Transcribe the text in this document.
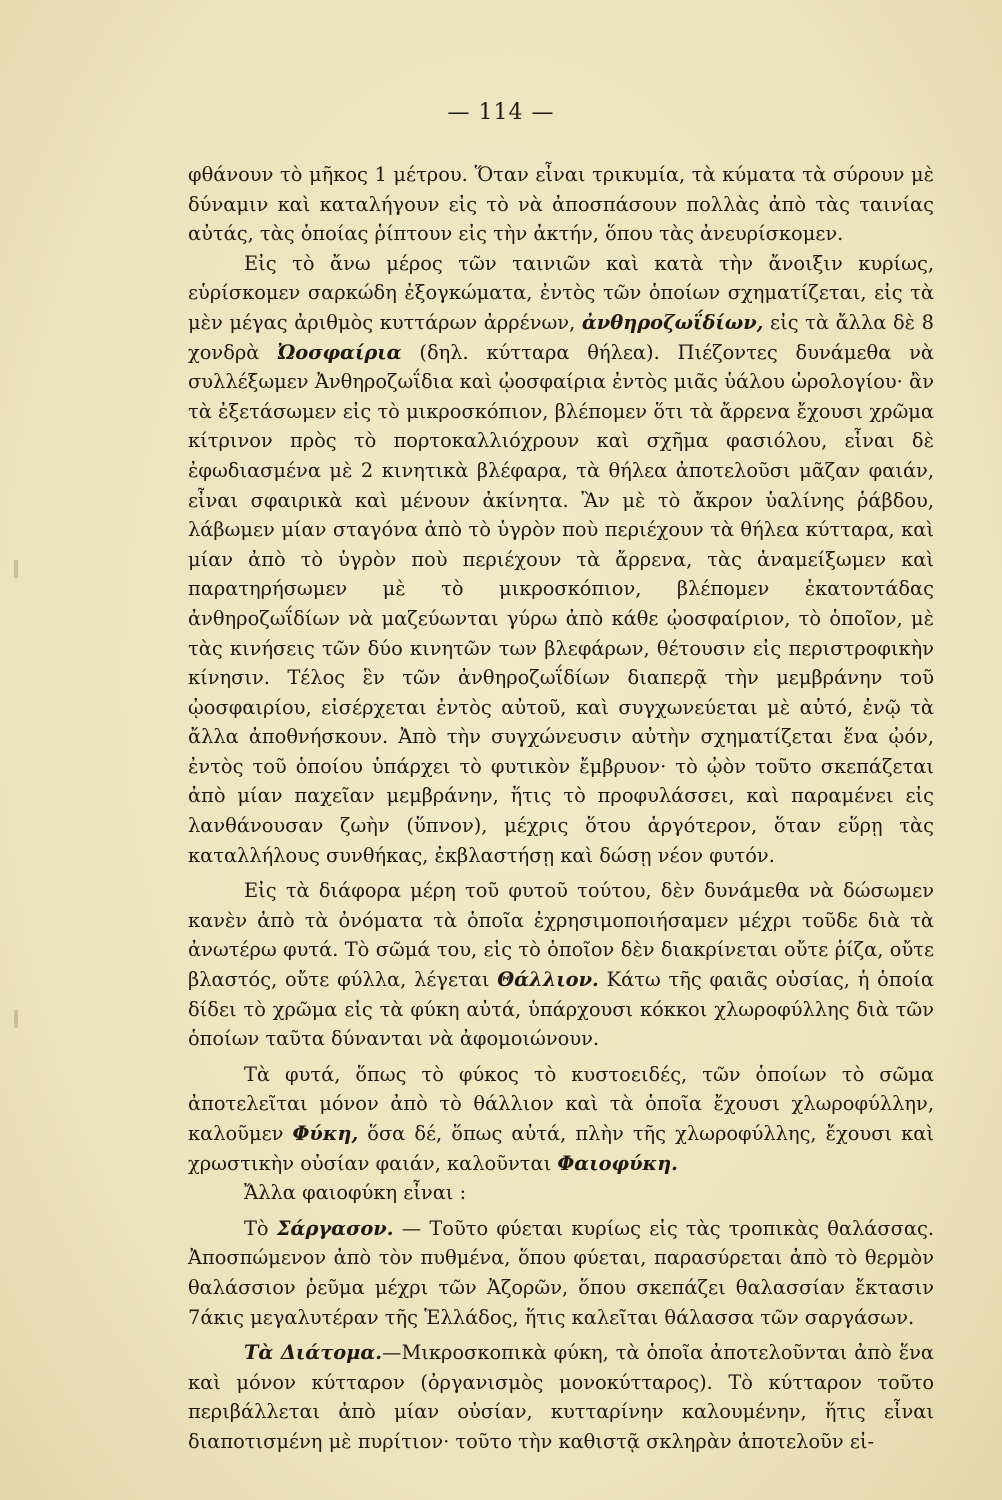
— 114 —

φθάνουν τὸ μῆκος 1 μέτρου. Ὅταν εἶναι τρικυμία, τὰ κύματα τὰ σύρουν μὲ δύναμιν καὶ καταλήγουν εἰς τὸ νὰ ἀποσπάσουν πολλὰς ἀπὸ τὰς ταινίας αὐτάς, τὰς ὁποίας ῥίπτουν εἰς τὴν ἀκτήν, ὅπου τὰς ἀνευρίσκομεν.

Εἰς τὸ ἄνω μέρος τῶν ταινιῶν καὶ κατὰ τὴν ἄνοιξιν κυρίως, εὑρίσκομεν σαρκώδη ἐξογκώματα, ἐντὸς τῶν ὁποίων σχηματίζεται, εἰς τὰ μὲν μέγας ἀριθμὸς κυττάρων ἀρρένων, ἀνθηροζωΐδίων, εἰς τὰ ἄλλα δὲ 8 χονδρὰ Ὠοσφαίρια (δηλ. κύτταρα θήλεα). Πιέζοντες δυνάμεθα νὰ συλλέξωμεν Ἀνθηροζωΐδια καὶ ᾠοσφαίρια ἐντὸς μιᾶς ὑάλου ὡρολογίου· ἂν τὰ ἐξετάσωμεν εἰς τὸ μικροσκόπιον, βλέπομεν ὅτι τὰ ἄρρενα ἔχουσι χρῶμα κίτρινον πρὸς τὸ πορτοκαλλιόχρουν καὶ σχῆμα φασιόλου, εἶναι δὲ ἐφωδιασμένα μὲ 2 κινητικὰ βλέφαρα, τὰ θήλεα ἀποτελοῦσι μᾶζαν φαιάν, εἶναι σφαιρικὰ καὶ μένουν ἀκίνητα. Ἂν μὲ τὸ ἄκρον ὑαλίνης ῥάβδου, λάβωμεν μίαν σταγόνα ἀπὸ τὸ ὑγρὸν ποὺ περιέχουν τὰ θήλεα κύτταρα, καὶ μίαν ἀπὸ τὸ ὑγρὸν ποὺ περιέχουν τὰ ἄρρενα, τὰς ἀναμείξωμεν καὶ παρατηρήσωμεν μὲ τὸ μικροσκόπιον, βλέπομεν ἑκατοντάδας ἀνθηροζωΐδίων νὰ μαζεύωνται γύρω ἀπὸ κάθε ᾠοσφαίριον, τὸ ὁποῖον, μὲ τὰς κινήσεις τῶν δύο κινητῶν των βλεφάρων, θέτουσιν εἰς περιστροφικὴν κίνησιν. Τέλος ἓν τῶν ἀνθηροζωΐδίων διαπερᾷ τὴν μεμβράνην τοῦ ᾠοσφαιρίου, εἰσέρχεται ἐντὸς αὐτοῦ, καὶ συγχωνεύεται μὲ αὐτό, ἐνῷ τὰ ἄλλα ἀποθνήσκουν. Ἀπὸ τὴν συγχώνευσιν αὐτὴν σχηματίζεται ἕνα ᾠόν, ἐντὸς τοῦ ὁποίου ὑπάρχει τὸ φυτικὸν ἔμβρυον· τὸ ᾠὸν τοῦτο σκεπάζεται ἀπὸ μίαν παχεῖαν μεμβράνην, ἥτις τὸ προφυλάσσει, καὶ παραμένει εἰς λανθάνουσαν ζωὴν (ὕπνον), μέχρις ὅτου ἀργότερον, ὅταν εὕρῃ τὰς καταλλήλους συνθήκας, ἐκβλαστήσῃ καὶ δώσῃ νέον φυτόν.

Εἰς τὰ διάφορα μέρη τοῦ φυτοῦ τούτου, δὲν δυνάμεθα νὰ δώσωμεν κανὲν ἀπὸ τὰ ὀνόματα τὰ ὁποῖα ἐχρησιμοποιήσαμεν μέχρι τοῦδε διὰ τὰ ἀνωτέρω φυτά. Τὸ σῶμά του, εἰς τὸ ὁποῖον δὲν διακρίνεται οὔτε ῥίζα, οὔτε βλαστός, οὔτε φύλλα, λέγεται Θάλλιον. Κάτω τῆς φαιᾶς οὐσίας, ἡ ὁποία δίδει τὸ χρῶμα εἰς τὰ φύκη αὐτά, ὑπάρχουσι κόκκοι χλωροφύλλης διὰ τῶν ὁποίων ταῦτα δύνανται νὰ ἀφομοιώνουν.

Τὰ φυτά, ὅπως τὸ φύκος τὸ κυστοειδές, τῶν ὁποίων τὸ σῶμα ἀποτελεῖται μόνον ἀπὸ τὸ θάλλιον καὶ τὰ ὁποῖα ἔχουσι χλωροφύλλην, καλοῦμεν Φύκη, ὅσα δέ, ὅπως αὐτά, πλὴν τῆς χλωροφύλλης, ἔχουσι καὶ χρωστικὴν οὐσίαν φαιάν, καλοῦνται Φαιοφύκη.

Ἄλλα φαιοφύκη εἶναι :

Τὸ Σάργασον. — Τοῦτο φύεται κυρίως εἰς τὰς τροπικὰς θαλάσσας. Ἀποσπώμενον ἀπὸ τὸν πυθμένα, ὅπου φύεται, παρασύρεται ἀπὸ τὸ θερμὸν θαλάσσιον ῥεῦμα μέχρι τῶν Ἀζορῶν, ὅπου σκεπάζει θαλασσίαν ἔκτασιν 7άκις μεγαλυτέραν τῆς Ἑλλάδος, ἥτις καλεῖται θάλασσα τῶν σαργάσων.

Τὰ Διάτομα.—Μικροσκοπικὰ φύκη, τὰ ὁποῖα ἀποτελοῦνται ἀπὸ ἕνα καὶ μόνον κύτταρον (ὀργανισμὸς μονοκύτταρος). Τὸ κύτταρον τοῦτο περιβάλλεται ἀπὸ μίαν οὐσίαν, κυτταρίνην καλουμένην, ἥτις εἶναι διαποτισμένη μὲ πυρίτιον· τοῦτο τὴν καθιστᾷ σκληρὰν ἀποτελοῦν εἰ-
